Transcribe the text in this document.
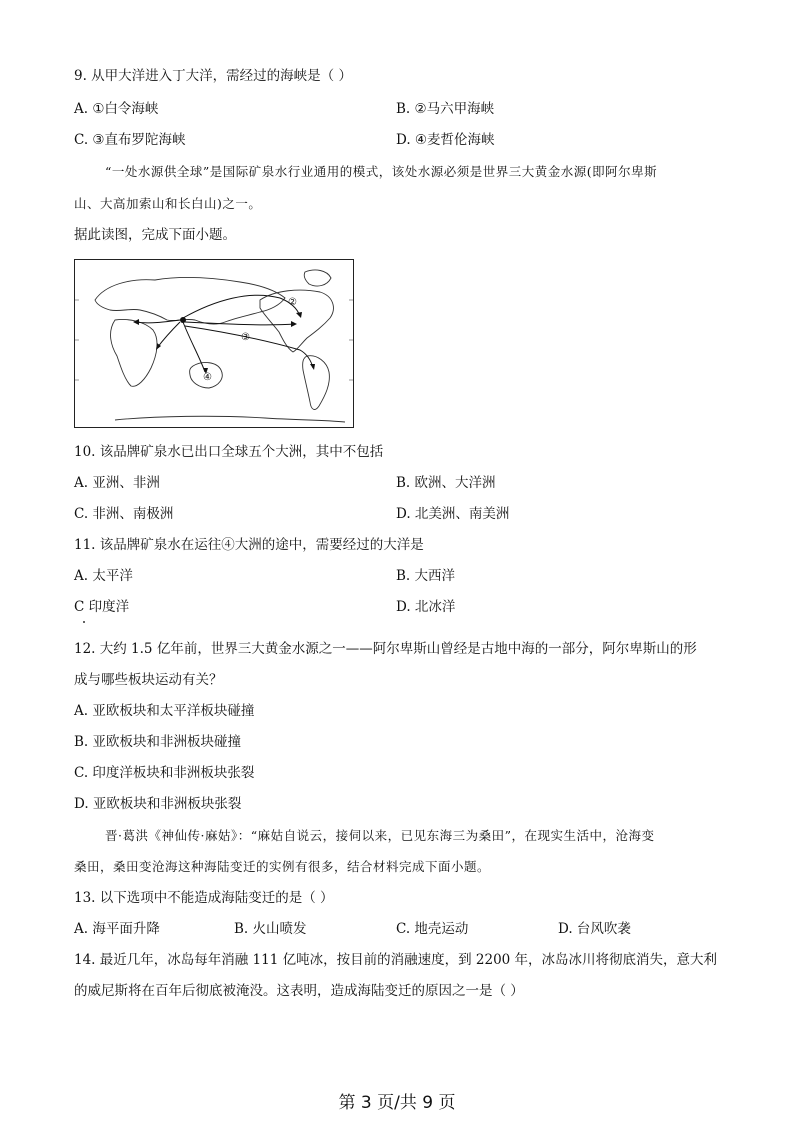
9. 从甲大洋进入丁大洋，需经过的海峡是（ ）
A. ①白令海峡	B. ②马六甲海峡
C. ③直布罗陀海峡	D. ④麦哲伦海峡
“一处水源供全球”是国际矿泉水行业通用的模式，该处水源必须是世界三大黄金水源(即阿尔卑斯
山、大高加索山和长白山)之一。
据此读图，完成下面小题。
②
③
④
10. 该品牌矿泉水已出口全球五个大洲，其中不包括
A. 亚洲、非洲	B. 欧洲、大洋洲
C. 非洲、南极洲	D. 北美洲、南美洲
11. 该品牌矿泉水在运往④大洲的途中，需要经过的大洋是
A. 太平洋	B. 大西洋
C 印度洋	D. 北冰洋
12. 大约 1.5 亿年前，世界三大黄金水源之一——阿尔卑斯山曾经是古地中海的一部分，阿尔卑斯山的形
成与哪些板块运动有关？
A. 亚欧板块和太平洋板块碰撞
B. 亚欧板块和非洲板块碰撞
C. 印度洋板块和非洲板块张裂
D. 亚欧板块和非洲板块张裂
晋·葛洪《神仙传·麻姑》：“麻姑自说云，接伺以来，已见东海三为桑田”，在现实生活中，沧海变
桑田，桑田变沧海这种海陆变迁的实例有很多，结合材料完成下面小题。
13. 以下选项中不能造成海陆变迁的是（ ）
A. 海平面升降	B. 火山喷发	C. 地壳运动	D. 台风吹袭
14. 最近几年，冰岛每年消融 111 亿吨冰，按目前的消融速度，到 2200 年，冰岛冰川将彻底消失，意大利
的威尼斯将在百年后彻底被淹没。这表明，造成海陆变迁的原因之一是（ ）
第 3 页/共 9 页
